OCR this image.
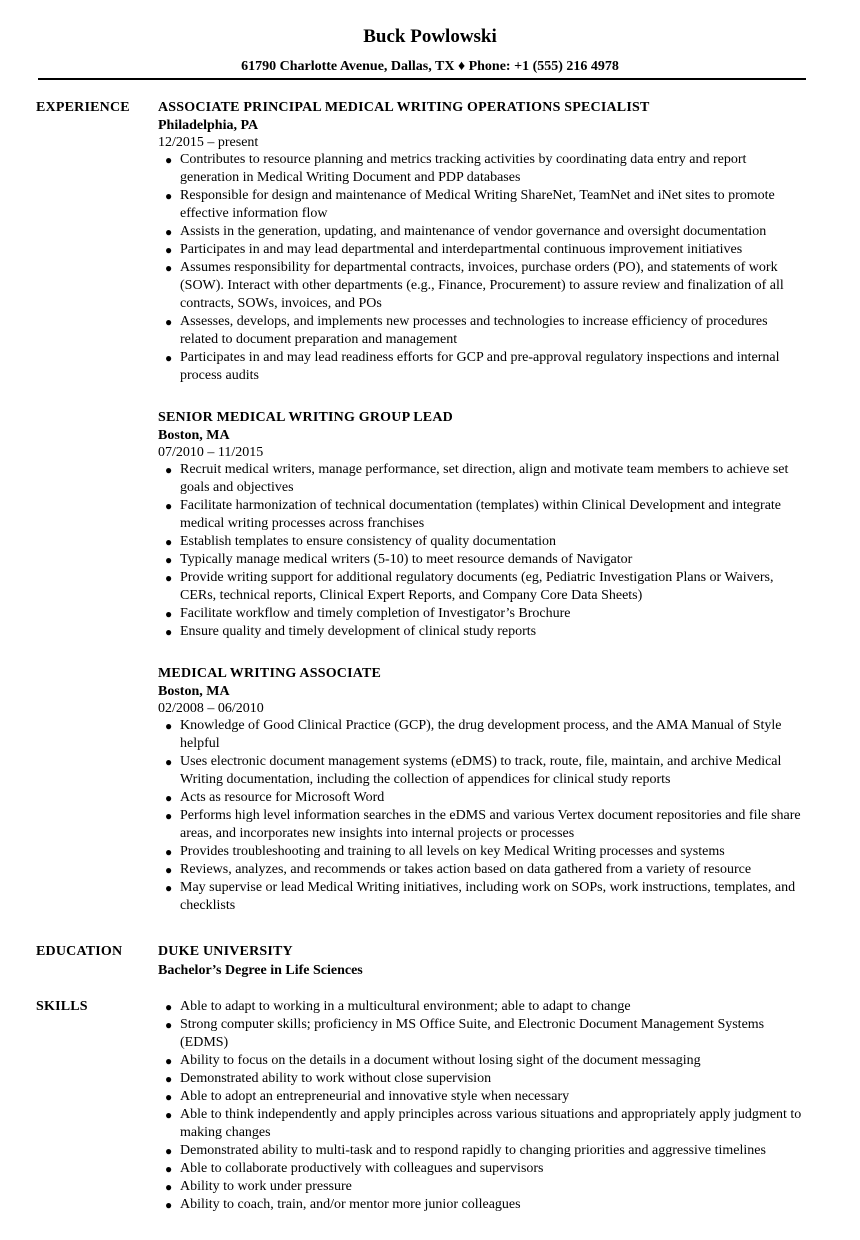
Buck Powlowski
61790 Charlotte Avenue, Dallas, TX ♦ Phone: +1 (555) 216 4978
EXPERIENCE ASSOCIATE PRINCIPAL MEDICAL WRITING OPERATIONS SPECIALIST
Philadelphia, PA
12/2015 – present
● Contributes to resource planning and metrics tracking activities by coordinating data entry and report generation in Medical Writing Document and PDP databases
● Responsible for design and maintenance of Medical Writing ShareNet, TeamNet and iNet sites to promote effective information flow
● Assists in the generation, updating, and maintenance of vendor governance and oversight documentation
● Participates in and may lead departmental and interdepartmental continuous improvement initiatives
● Assumes responsibility for departmental contracts, invoices, purchase orders (PO), and statements of work (SOW). Interact with other departments (e.g., Finance, Procurement) to assure review and finalization of all contracts, SOWs, invoices, and POs
● Assesses, develops, and implements new processes and technologies to increase efficiency of procedures related to document preparation and management
● Participates in and may lead readiness efforts for GCP and pre-approval regulatory inspections and internal process audits
SENIOR MEDICAL WRITING GROUP LEAD
Boston, MA
07/2010 – 11/2015
● Recruit medical writers, manage performance, set direction, align and motivate team members to achieve set goals and objectives
● Facilitate harmonization of technical documentation (templates) within Clinical Development and integrate medical writing processes across franchises
● Establish templates to ensure consistency of quality documentation
● Typically manage medical writers (5-10) to meet resource demands of Navigator
● Provide writing support for additional regulatory documents (eg, Pediatric Investigation Plans or Waivers, CERs, technical reports, Clinical Expert Reports, and Company Core Data Sheets)
● Facilitate workflow and timely completion of Investigator’s Brochure
● Ensure quality and timely development of clinical study reports
MEDICAL WRITING ASSOCIATE
Boston, MA
02/2008 – 06/2010
● Knowledge of Good Clinical Practice (GCP), the drug development process, and the AMA Manual of Style helpful
● Uses electronic document management systems (eDMS) to track, route, file, maintain, and archive Medical Writing documentation, including the collection of appendices for clinical study reports
● Acts as resource for Microsoft Word
● Performs high level information searches in the eDMS and various Vertex document repositories and file share areas, and incorporates new insights into internal projects or processes
● Provides troubleshooting and training to all levels on key Medical Writing processes and systems
● Reviews, analyzes, and recommends or takes action based on data gathered from a variety of resource
● May supervise or lead Medical Writing initiatives, including work on SOPs, work instructions, templates, and checklists
EDUCATION	DUKE UNIVERSITY
Bachelor’s Degree in Life Sciences
SKILLS	● Able to adapt to working in a multicultural environment; able to adapt to change
● Strong computer skills; proficiency in MS Office Suite, and Electronic Document Management Systems (EDMS)
● Ability to focus on the details in a document without losing sight of the document messaging
● Demonstrated ability to work without close supervision
● Able to adopt an entrepreneurial and innovative style when necessary
● Able to think independently and apply principles across various situations and appropriately apply judgment to making changes
● Demonstrated ability to multi-task and to respond rapidly to changing priorities and aggressive timelines
● Able to collaborate productively with colleagues and supervisors
● Ability to work under pressure
● Ability to coach, train, and/or mentor more junior colleagues
